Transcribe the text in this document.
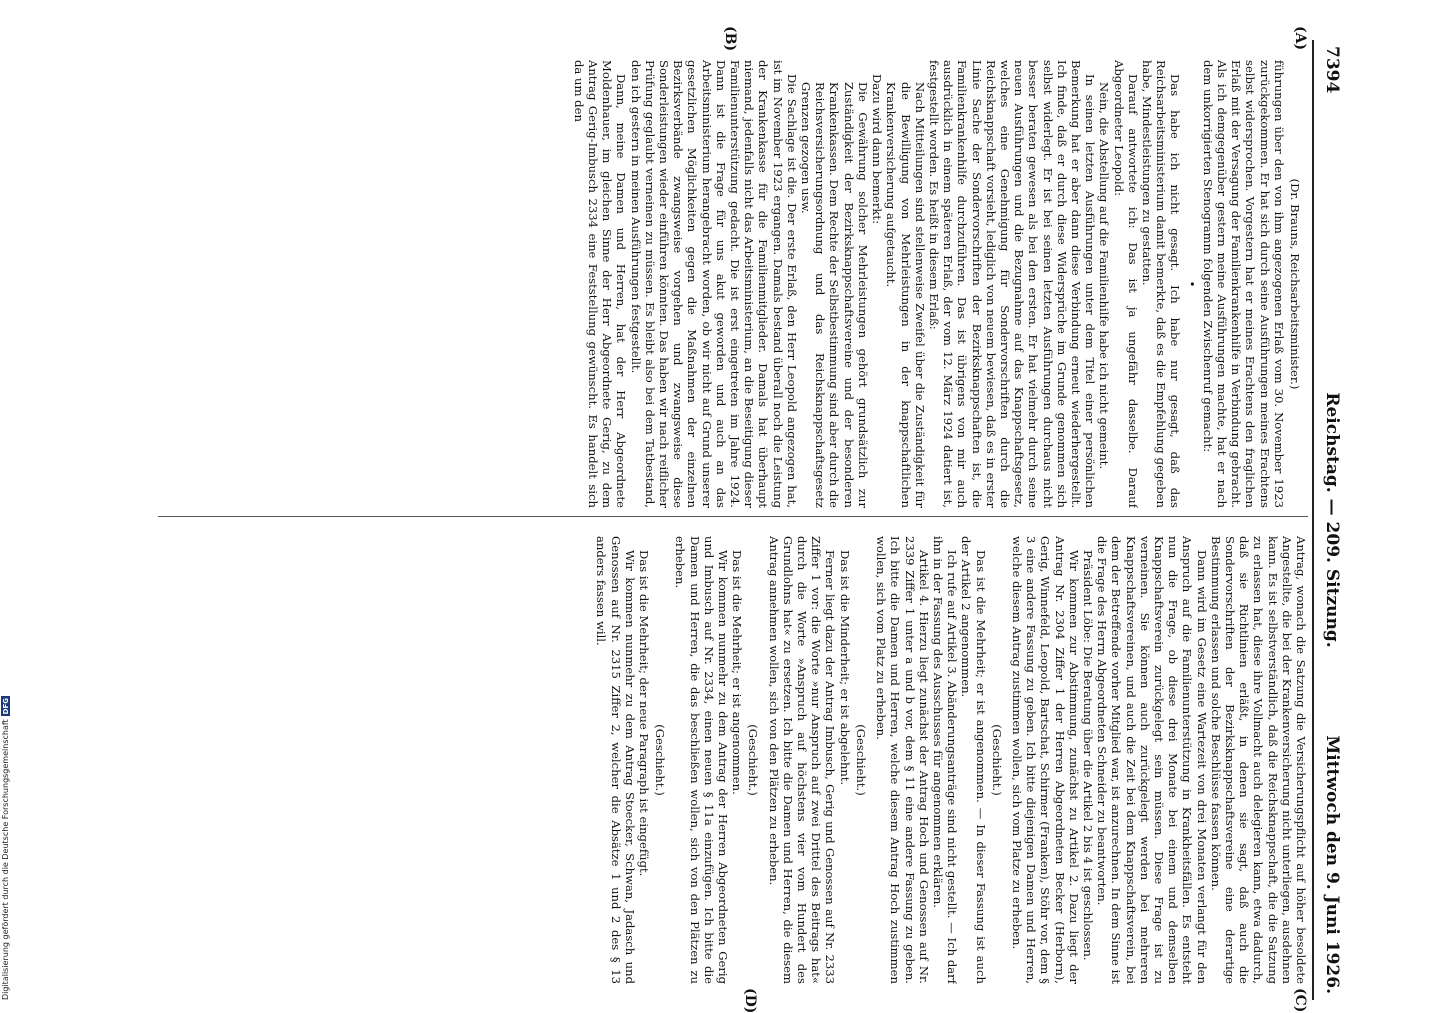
Digitalisierung gefördert durch die Deutsche ForschungsgemeinschaftDFG
7394
Reichstag. — 209. Sitzung.
Mittwoch den 9. Juni 1926.
(A)
(B)
(C)
(D)

(Dr. Brauns, Reichsarbeitsminister.)

führungen über den von ihm angezogenen Erlaß vom 30. November 1923 zurückgekommen. Er hat sich durch seine Ausführungen meines Erachtens selbst widersprochen. Vorgestern hat er meines Erachtens den fraglichen Erlaß mit der Versagung der Familienkrankenhilfe in Verbindung gebracht. Als ich demgegenüber gestern meine Ausführungen machte, hat er nach dem unkorrigierten Stenogramm folgenden Zwischenruf gemacht:

•

Das habe ich nicht gesagt. Ich habe nur gesagt, daß das Reichsarbeitsministerium damit bemerkte, daß es die Empfehlung gegeben habe, Mindestleistungen zu gestatten.

Darauf antwortete ich: Das ist ja ungefähr dasselbe. Darauf Abgeordneter Leopold:

Nein, die Abstellung auf die Familienhilfe habe ich nicht gemeint.

In seinen letzten Ausführungen unter dem Titel einer persönlichen Bemerkung hat er aber dann diese Verbindung erneut wiederhergestellt. Ich finde, daß er durch diese Widersprüche im Grunde genommen sich selbst widerlegt. Er ist bei seinen letzten Ausführungen durchaus nicht besser beraten gewesen als bei den ersten. Er hat vielmehr durch seine neuen Ausführungen und die Bezugnahme auf das Knappschaftsgesetz, welches eine Genehmigung für Sondervorschriften durch die Reichsknappschaft vorsieht, lediglich von neuem bewiesen, daß es in erster Linie Sache der Sondervorschriften der Bezirksknappschaften ist, die Familienkrankenhilfe durchzuführen. Das ist übrigens von mir auch ausdrücklich in einem späteren Erlaß, der vom 12. März 1924 datiert ist, festgestellt worden. Es heißt in diesem Erlaß:

Nach Mitteilungen sind stellenweise Zweifel über die Zuständigkeit für die Bewilligung von Mehrleistungen in der knappschaftlichen Krankenversicherung aufgetaucht.

Dazu wird dann bemerkt:

Die Gewährung solcher Mehrleistungen gehört grundsätzlich zur Zuständigkeit der Bezirksknappschaftsvereine und der besonderen Krankenkassen. Dem Rechte der Selbstbestimmung sind aber durch die Reichsversicherungsordnung und das Reichsknappschaftsgesetz Grenzen gezogen usw.

Die Sachlage ist die. Der erste Erlaß, den Herr Leopold angezogen hat, ist im November 1923 ergangen. Damals bestand überall noch die Leistung der Krankenkasse für die Familienmitglieder. Damals hat überhaupt niemand, jedenfalls nicht das Arbeitsministerium, an die Beseitigung dieser Familienunterstützung gedacht. Die ist erst eingetreten im Jahre 1924. Dann ist die Frage für uns akut geworden und auch an das Arbeitsministerium herangebracht worden, ob wir nicht auf Grund unserer gesetzlichen Möglichkeiten gegen die Maßnahmen der einzelnen Bezirksverbände zwangsweise vorgehen und zwangsweise diese Sonderleistungen wieder einführen könnten. Das haben wir nach reiflicher Prüfung geglaubt verneinen zu müssen. Es bleibt also bei dem Tatbestand, den ich gestern in meinen Ausführungen festgestellt.

Dann, meine Damen und Herren, hat der Herr Abgeordnete Moldenhauer, im gleichen Sinne der Herr Abgeordnete Gerig, zu dem Antrag Gerig-Imbusch 2334 eine Feststellung gewünscht. Es handelt sich da um den

Antrag, wonach die Satzung die Versicherungspflicht auf höher besoldete Angestellte, die bei der Krankenversicherung nicht unterliegen, ausdehnen kann. Es ist selbstverständlich, daß die Reichsknappschaft, die die Satzung zu erlassen hat, diese ihre Vollmacht auch delegieren kann, etwa dadurch, daß sie Richtlinien erläßt, in denen sie sagt, daß auch die Sondervorschriften der Bezirksknappschaftsvereine eine derartige Bestimmung erlassen und solche Beschlüsse fassen können.

Dann wird im Gesetz eine Wartezeit von drei Monaten verlangt für den Anspruch auf die Familienunterstützung in Krankheitsfällen. Es entsteht nun die Frage, ob diese drei Monate bei einem und demselben Knappschaftsverein zurückgelegt sein müssen. Diese Frage ist zu verneinen. Sie können auch zurückgelegt werden bei mehreren Knappschaftsvereinen, und auch die Zeit bei dem Knappschaftsverein, bei dem der Betreffende vorher Mitglied war, ist anzurechnen. In dem Sinne ist die Frage des Herrn Abgeordneten Schneider zu beantworten.

Präsident Löbe: Die Beratung über die Artikel 2 bis 4 ist geschlossen.

Wir kommen zur Abstimmung, zunächst zu Artikel 2. Dazu liegt der Antrag Nr. 2304 Ziffer 1 der Herren Abgeordneten Becker (Herborn), Gerig, Winnefeld, Leopold, Bartschat, Schirmer (Franken), Stöhr vor, dem § 3 eine andere Fassung zu geben. Ich bitte diejenigen Damen und Herren, welche diesem Antrag zustimmen wollen, sich vom Platze zu erheben.

(Geschieht.)

Das ist die Mehrheit; er ist angenommen. — In dieser Fassung ist auch der Artikel 2 angenommen.

Ich rufe auf Artikel 3. Abänderungsanträge sind nicht gestellt. — Ich darf ihn in der Fassung des Ausschusses für angenommen erklären.

Artikel 4. Hierzu liegt zunächst der Antrag Hoch und Genossen auf Nr. 2339 Ziffer 1 unter a und b vor, dem § 11 eine andere Fassung zu geben. Ich bitte die Damen und Herren, welche diesem Antrag Hoch zustimmen wollen, sich vom Platz zu erheben.

(Geschieht.)

Das ist die Minderheit; er ist abgelehnt.

Ferner liegt dazu der Antrag Imbusch, Gerig und Genossen auf Nr. 2333 Ziffer 1 vor: die Worte »nur Anspruch auf zwei Drittel des Beitrags hat« durch die Worte »Anspruch auf höchstens vier vom Hundert des Grundlohns hat« zu ersetzen. Ich bitte die Damen und Herren, die diesem Antrag annehmen wollen, sich von den Plätzen zu erheben.

(Geschieht.)

Das ist die Mehrheit; er ist angenommen.

Wir kommen nunmehr zu dem Antrag der Herren Abgeordneten Gerig und Imbusch auf Nr. 2334, einen neuen § 11a einzufügen. Ich bitte die Damen und Herren, die das beschließen wollen, sich von den Plätzen zu erheben.

(Geschieht.)

Das ist die Mehrheit; der neue Paragraph ist eingefügt.

Wir kommen nunmehr zu dem Antrag Stoecker, Schwan, Jadasch und Genossen auf Nr. 2315 Ziffer 2, welcher die Absätze 1 und 2 des § 13 anders fassen will.
